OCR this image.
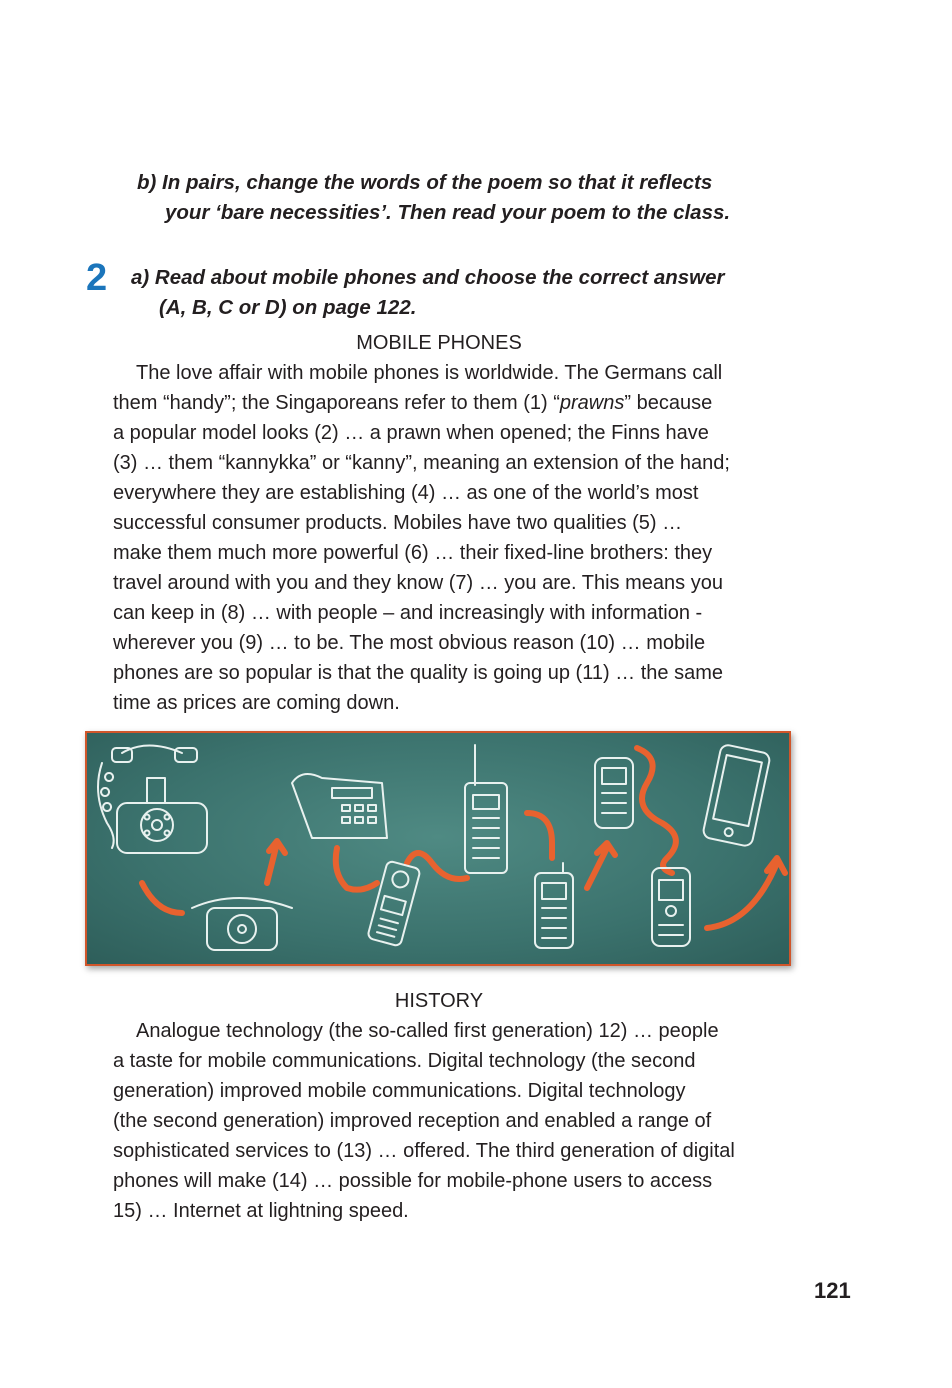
b) In pairs, change the words of the poem so that it reflects
your ‘bare necessities’. Then read your poem to the class.
2 a) Read about mobile phones and choose the correct answer
(A, B, C or D) on page 122.
MOBILE PHONES
The love affair with mobile phones is worldwide. The Germans call
them “handy”; the Singaporeans refer to them (1) “prawns” because
a popular model looks (2) … a prawn when opened; the Finns have
(3) … them “kannykka” or “kanny”, meaning an extension of the hand;
everywhere they are establishing (4) … as one of the world’s most
successful consumer products. Mobiles have two qualities (5) …
make them much more powerful (6) … their fixed-line brothers: they
travel around with you and they know (7) … you are. This means you
can keep in (8) … with people – and increasingly with information -
wherever you (9) … to be. The most obvious reason (10) … mobile
phones are so popular is that the quality is going up (11) … the same
time as prices are coming down.
HISTORY
Analogue technology (the so-called first generation) 12) … people
a taste for mobile communications. Digital technology (the second
generation) improved mobile communications. Digital technology
(the second generation) improved reception and enabled a range of
sophisticated services to (13) … offered. The third generation of digital
phones will make (14) … possible for mobile-phone users to access
15) … Internet at lightning speed.
121
